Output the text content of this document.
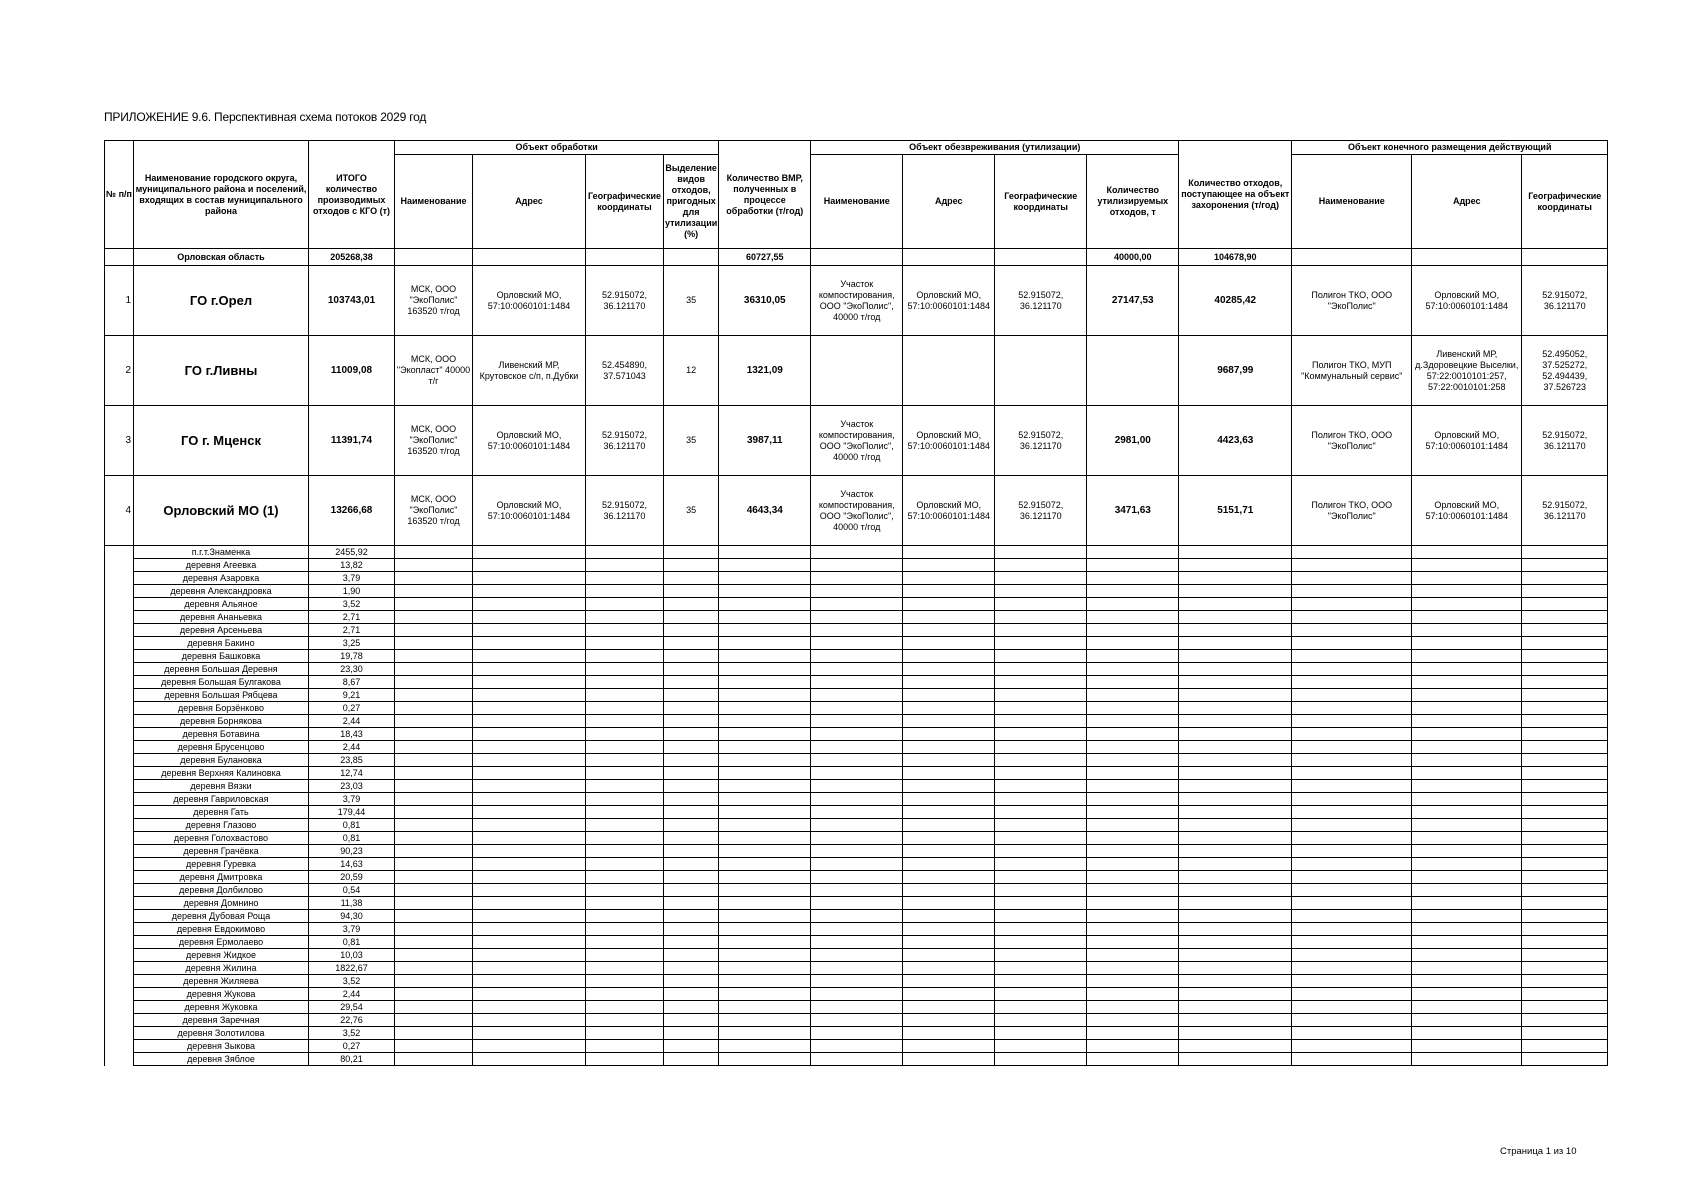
ПРИЛОЖЕНИЕ 9.6. Перспективная схема потоков 2029 год
№ п/п	Наименование городского округа, муниципального района и поселений, входящих в состав муниципального района	ИТОГО количество производимых отходов с КГО (т)	Объект обработки				Количество ВМР, полученных в процессе обработки (т/год)	Объект обезвреживания (утилизации)				Количество отходов, поступающее на объект захоронения (т/год)	Объект конечного размещения действующий		
			Наименование	Адрес	Географические координаты	Выделение видов отходов, пригодных для утилизации (%)		Наименование	Адрес	Географические координаты	Количество утилизируемых отходов, т		Наименование	Адрес	Географические координаты
	Орловская область	205268,38					60727,55				40000,00	104678,90			
1	ГО г.Орел	103743,01	МСК, ООО "ЭкоПолис" 163520 т/год	Орловский МО, 57:10:0060101:1484	52.915072, 36.121170	35	36310,05	Участок компостирования, ООО "ЭкоПолис", 40000 т/год	Орловский МО, 57:10:0060101:1484	52.915072, 36.121170	27147,53	40285,42	Полигон ТКО, ООО "ЭкоПолис"	Орловский МО, 57:10:0060101:1484	52.915072, 36.121170
2	ГО г.Ливны	11009,08	МСК, ООО "Экопласт" 40000 т/г	Ливенский МР, Крутовское с/п, п.Дубки	52.454890, 37.571043	12	1321,09					9687,99	Полигон ТКО, МУП "Коммунальный сервис"	Ливенский МР, д.Здоровецкие Выселки, 57:22:0010101:257, 57:22:0010101:258	52.495052, 37.525272, 52.494439, 37.526723
3	ГО г. Мценск	11391,74	МСК, ООО "ЭкоПолис" 163520 т/год	Орловский МО, 57:10:0060101:1484	52.915072, 36.121170	35	3987,11	Участок компостирования, ООО "ЭкоПолис", 40000 т/год	Орловский МО, 57:10:0060101:1484	52.915072, 36.121170	2981,00	4423,63	Полигон ТКО, ООО "ЭкоПолис"	Орловский МО, 57:10:0060101:1484	52.915072, 36.121170
4	Орловский МО (1)	13266,68	МСК, ООО "ЭкоПолис" 163520 т/год	Орловский МО, 57:10:0060101:1484	52.915072, 36.121170	35	4643,34	Участок компостирования, ООО "ЭкоПолис", 40000 т/год	Орловский МО, 57:10:0060101:1484	52.915072, 36.121170	3471,63	5151,71	Полигон ТКО, ООО "ЭкоПолис"	Орловский МО, 57:10:0060101:1484	52.915072, 36.121170
	п.г.т.Знаменка	2455,92													
	деревня Агеевка	13,82													
	деревня Азаровка	3,79													
	деревня Александровка	1,90													
	деревня Альяное	3,52													
	деревня Ананьевка	2,71													
	деревня Арсеньева	2,71													
	деревня Бакино	3,25													
	деревня Башковка	19,78													
	деревня Большая Деревня	23,30													
	деревня Большая Булгакова	8,67													
	деревня Большая Рябцева	9,21													
	деревня Борзёнково	0,27													
	деревня Борнякова	2,44													
	деревня Ботавина	18,43													
	деревня Брусенцово	2,44													
	деревня Булановка	23,85													
	деревня Верхняя Калиновка	12,74													
	деревня Вязки	23,03													
	деревня Гавриловская	3,79													
	деревня Гать	179,44													
	деревня Глазово	0,81													
	деревня Голохвастово	0,81													
	деревня Грачёвка	90,23													
	деревня Гуревка	14,63													
	деревня Дмитровка	20,59													
	деревня Долбилово	0,54													
	деревня Домнино	11,38													
	деревня Дубовая Роща	94,30													
	деревня Евдокимово	3,79													
	деревня Ермолаево	0,81													
	деревня Жидкое	10,03													
	деревня Жилина	1822,67													
	деревня Жиляева	3,52													
	деревня Жукова	2,44													
	деревня Жуковка	29,54													
	деревня Заречная	22,76													
	деревня Золотилова	3,52													
	деревня Зыкова	0,27													
	деревня Зяблое	80,21													
Страница 1 из 10
